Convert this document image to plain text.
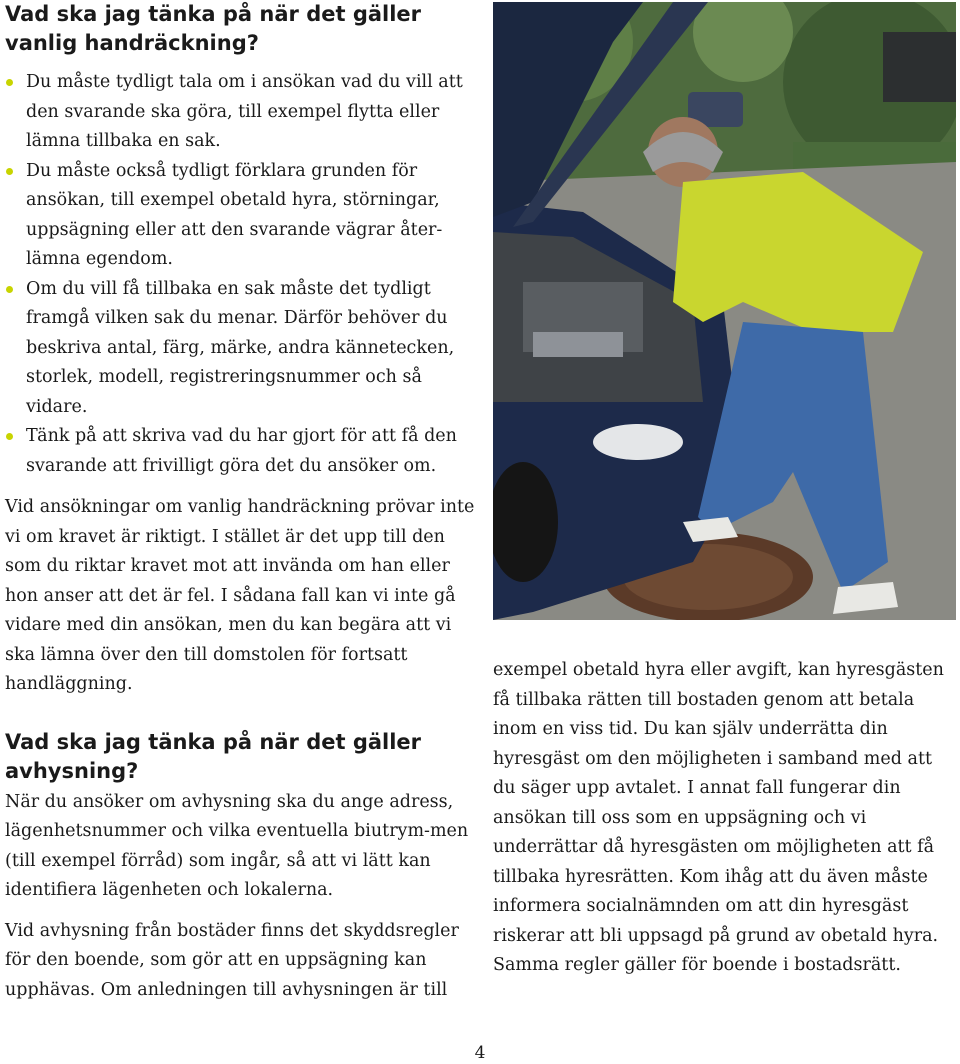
Vad ska jag tänka på när det gäller vanlig handräckning?
Du måste tydligt tala om i ansökan vad du vill att den svarande ska göra, till exempel flytta eller lämna tillbaka en sak.
Du måste också tydligt förklara grunden för ansökan, till exempel obetald hyra, störningar, uppsägning eller att den svarande vägrar åter-lämna egendom.
Om du vill få tillbaka en sak måste det tydligt framgå vilken sak du menar. Därför behöver du beskriva antal, färg, märke, andra kännetecken, storlek, modell, registreringsnummer och så vidare.
Tänk på att skriva vad du har gjort för att få den svarande att frivilligt göra det du ansöker om.

Vid ansökningar om vanlig handräckning prövar inte vi om kravet är riktigt. I stället är det upp till den som du riktar kravet mot att invända om han eller hon anser att det är fel. I sådana fall kan vi inte gå vidare med din ansökan, men du kan begära att vi ska lämna över den till domstolen för fortsatt handläggning.

Vad ska jag tänka på när det gäller avhysning?

När du ansöker om avhysning ska du ange adress, lägenhetsnummer och vilka eventuella biutrym-men (till exempel förråd) som ingår, så att vi lätt kan identifiera lägenheten och lokalerna.

Vid avhysning från bostäder finns det skyddsregler för den boende, som gör att en uppsägning kan upphävas. Om anledningen till avhysningen är till

exempel obetald hyra eller avgift, kan hyresgästen få tillbaka rätten till bostaden genom att betala inom en viss tid. Du kan själv underrätta din hyresgäst om den möjligheten i samband med att du säger upp avtalet. I annat fall fungerar din ansökan till oss som en uppsägning och vi underrättar då hyresgästen om möjligheten att få tillbaka hyresrätten. Kom ihåg att du även måste informera socialnämnden om att din hyresgäst riskerar att bli uppsagd på grund av obetald hyra. Samma regler gäller för boende i bostadsrätt.

4
